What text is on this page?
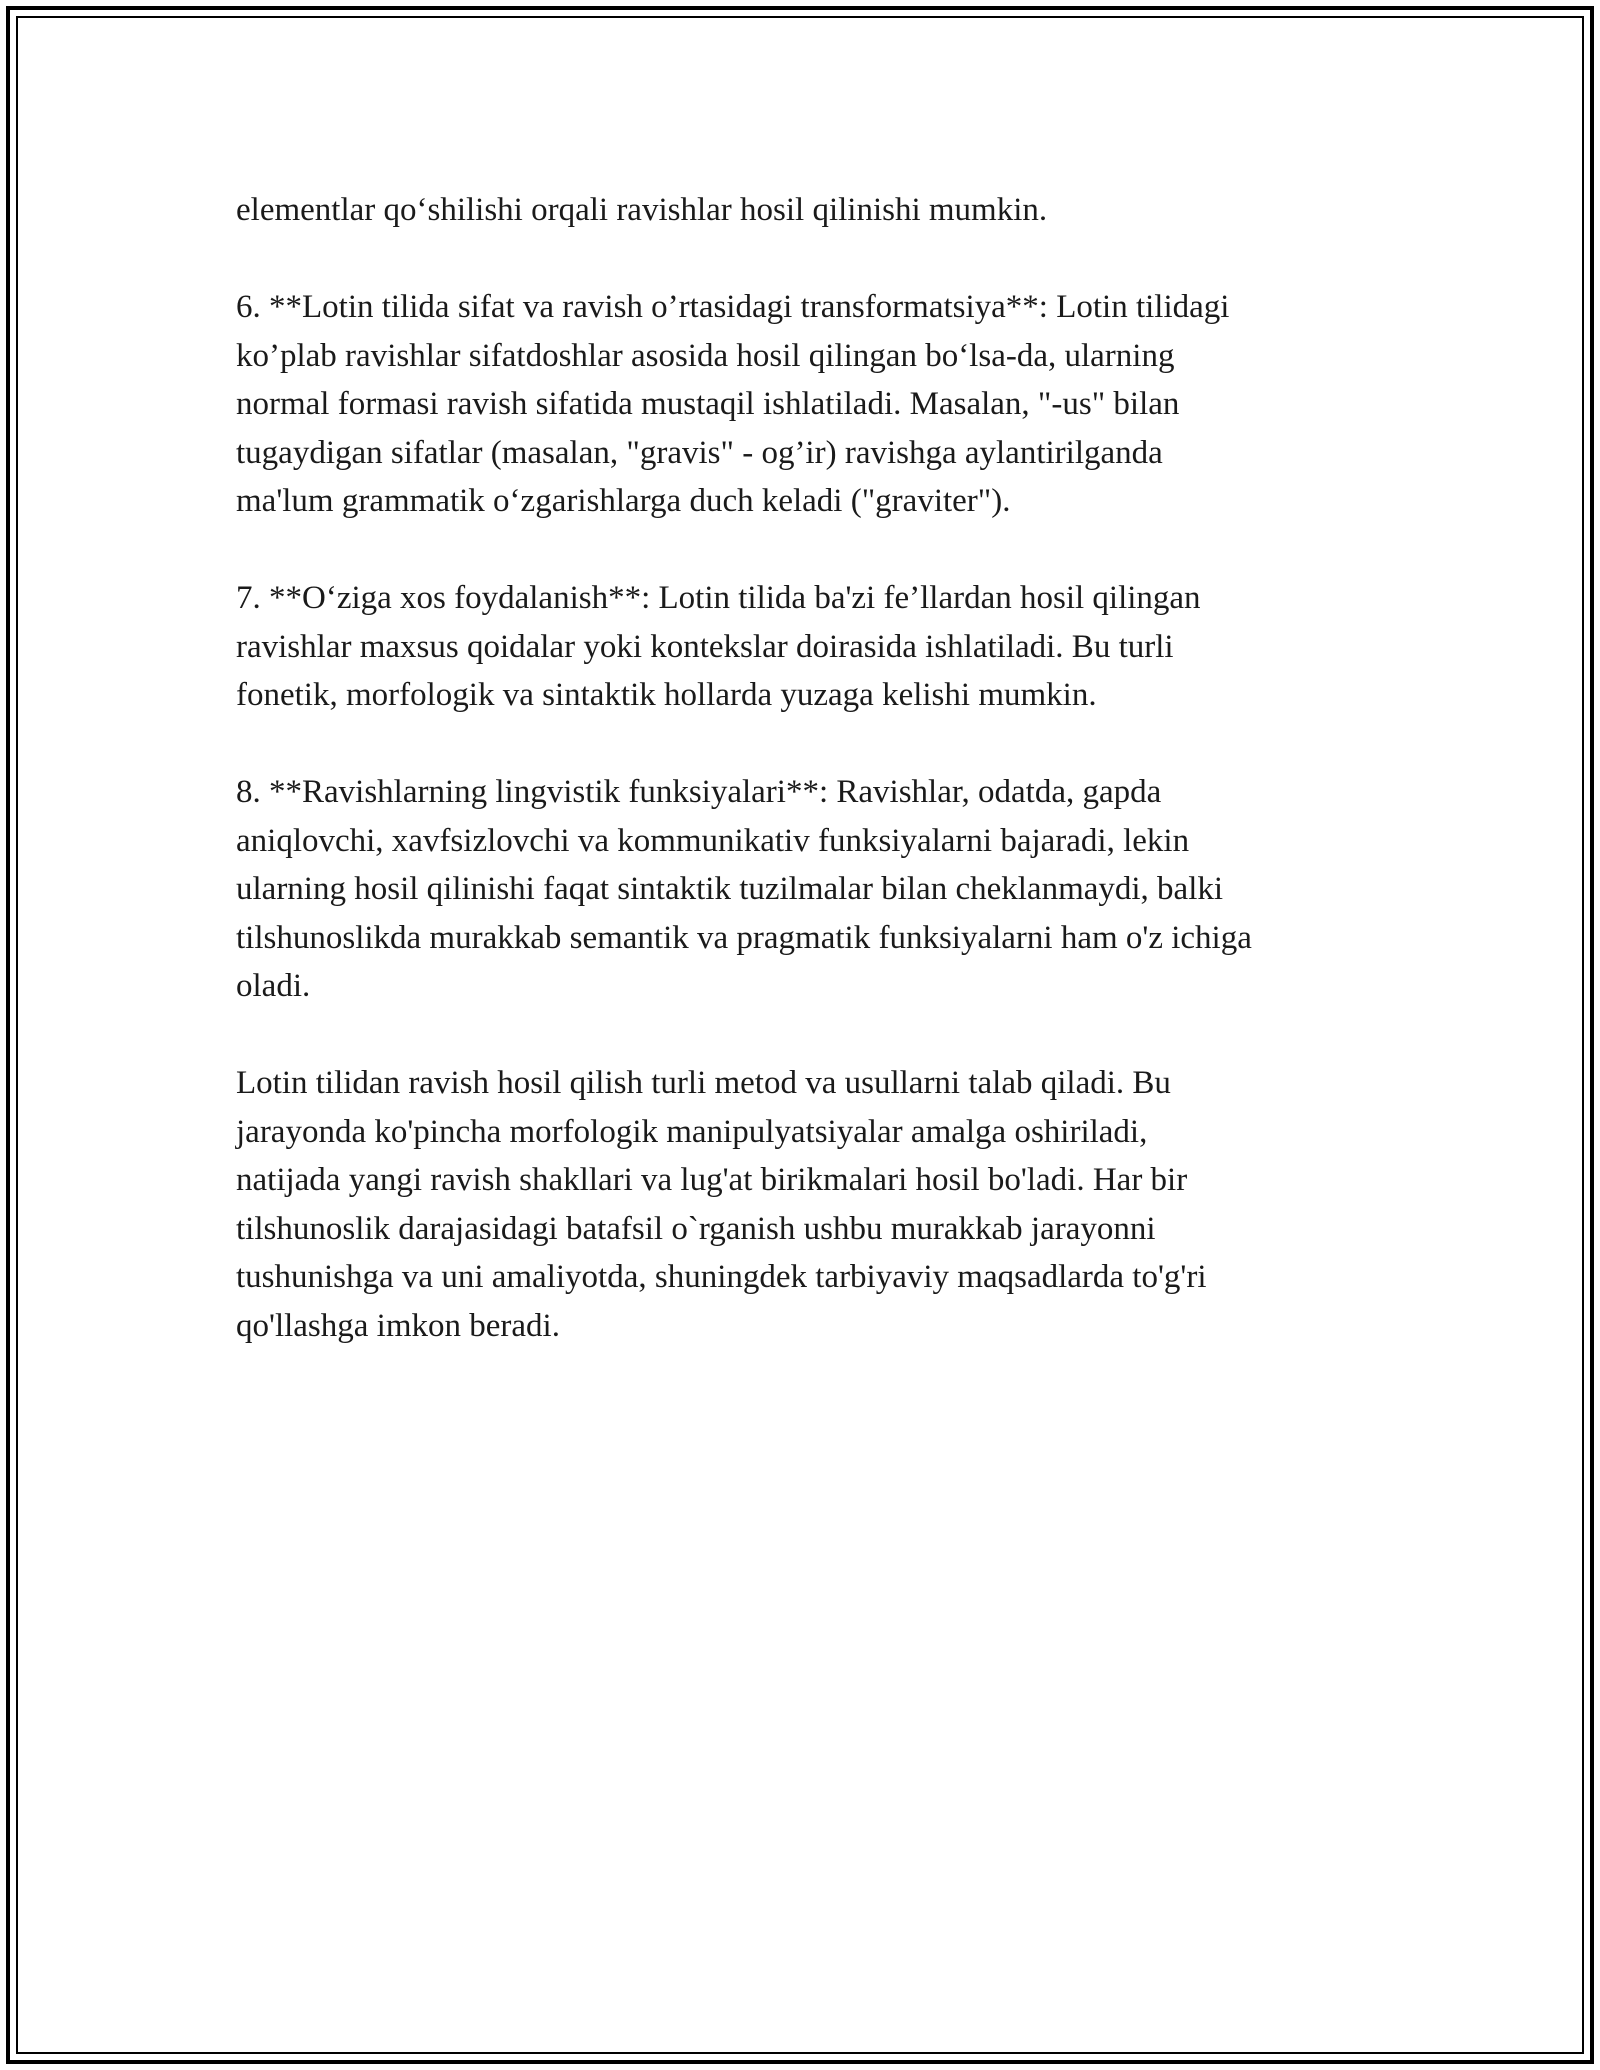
elementlar qo‘shilishi orqali ravishlar hosil qilinishi mumkin.

6. **Lotin tilida sifat va ravish o’rtasidagi transformatsiya**: Lotin tilidagi
ko’plab ravishlar sifatdoshlar asosida hosil qilingan bo‘lsa-da, ularning
normal formasi ravish sifatida mustaqil ishlatiladi. Masalan, "-us" bilan
tugaydigan sifatlar (masalan, "gravis" - og’ir) ravishga aylantirilganda
ma'lum grammatik o‘zgarishlarga duch keladi ("graviter").

7. **O‘ziga xos foydalanish**: Lotin tilida ba'zi fe’llardan hosil qilingan
ravishlar maxsus qoidalar yoki kontekslar doirasida ishlatiladi. Bu turli
fonetik, morfologik va sintaktik hollarda yuzaga kelishi mumkin.

8. **Ravishlarning lingvistik funksiyalari**: Ravishlar, odatda, gapda
aniqlovchi, xavfsizlovchi va kommunikativ funksiyalarni bajaradi, lekin
ularning hosil qilinishi faqat sintaktik tuzilmalar bilan cheklanmaydi, balki
tilshunoslikda murakkab semantik va pragmatik funksiyalarni ham o'z ichiga
oladi.

Lotin tilidan ravish hosil qilish turli metod va usullarni talab qiladi. Bu
jarayonda ko'pincha morfologik manipulyatsiyalar amalga oshiriladi,
natijada yangi ravish shakllari va lug'at birikmalari hosil bo'ladi. Har bir
tilshunoslik darajasidagi batafsil o`rganish ushbu murakkab jarayonni
tushunishga va uni amaliyotda, shuningdek tarbiyaviy maqsadlarda to'g'ri
qo'llashga imkon beradi.
